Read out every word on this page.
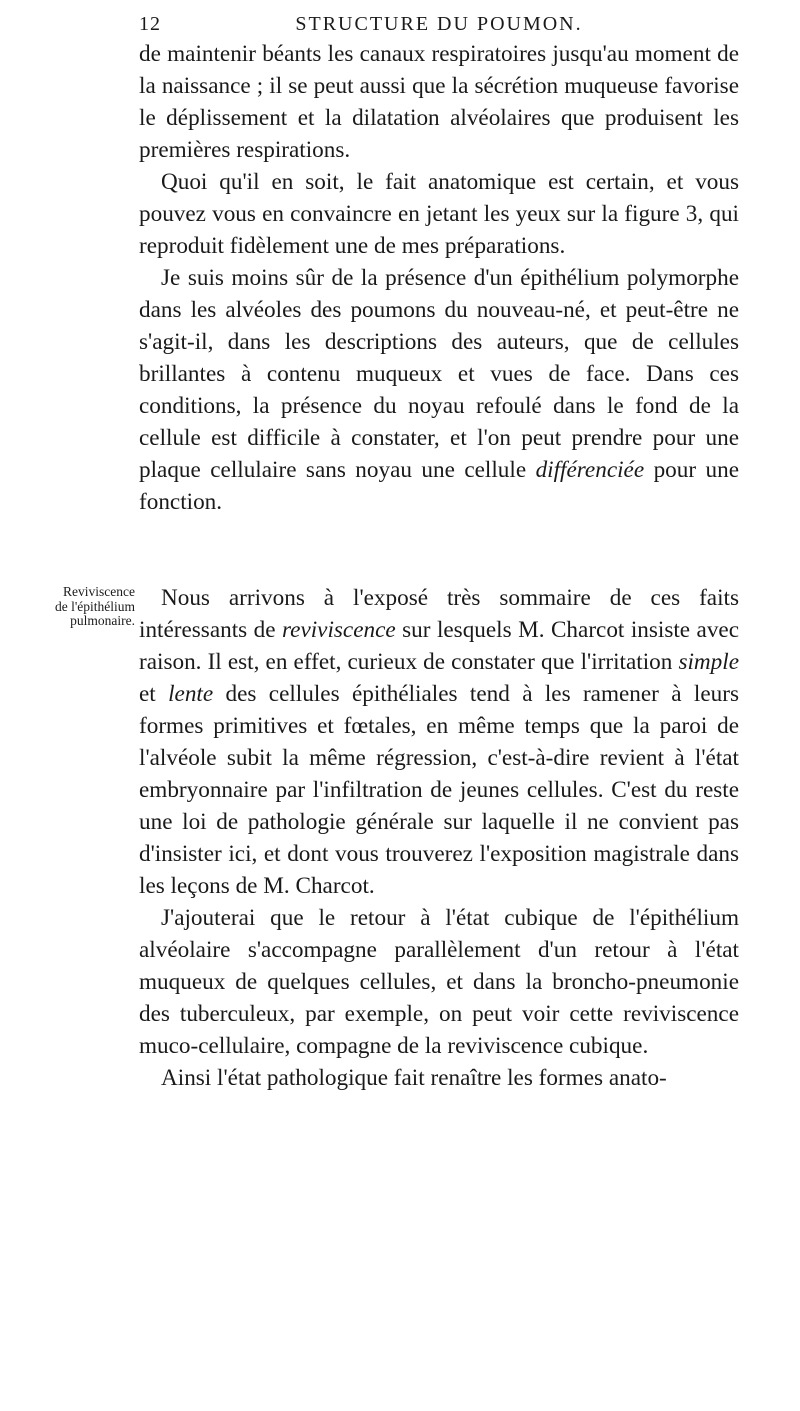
12	STRUCTURE DU POUMON.

de maintenir béants les canaux respiratoires jusqu'au moment de la naissance ; il se peut aussi que la sécrétion muqueuse favorise le déplissement et la dilatation alvéolaires que produisent les premières respirations.

Quoi qu'il en soit, le fait anatomique est certain, et vous pouvez vous en convaincre en jetant les yeux sur la figure 3, qui reproduit fidèlement une de mes préparations.

Je suis moins sûr de la présence d'un épithélium polymorphe dans les alvéoles des poumons du nouveau-né, et peut-être ne s'agit-il, dans les descriptions des auteurs, que de cellules brillantes à contenu muqueux et vues de face. Dans ces conditions, la présence du noyau refoulé dans le fond de la cellule est difficile à constater, et l'on peut prendre pour une plaque cellulaire sans noyau une cellule différenciée pour une fonction.

Reviviscence
de l'épithélium
pulmonaire.

Nous arrivons à l'exposé très sommaire de ces faits intéressants de reviviscence sur lesquels M. Charcot insiste avec raison. Il est, en effet, curieux de constater que l'irritation simple et lente des cellules épithéliales tend à les ramener à leurs formes primitives et fœtales, en même temps que la paroi de l'alvéole subit la même régression, c'est-à-dire revient à l'état embryonnaire par l'infiltration de jeunes cellules. C'est du reste une loi de pathologie générale sur laquelle il ne convient pas d'insister ici, et dont vous trouverez l'exposition magistrale dans les leçons de M. Charcot.

J'ajouterai que le retour à l'état cubique de l'épithélium alvéolaire s'accompagne parallèlement d'un retour à l'état muqueux de quelques cellules, et dans la broncho-pneumonie des tuberculeux, par exemple, on peut voir cette reviviscence muco-cellulaire, compagne de la reviviscence cubique.

Ainsi l'état pathologique fait renaître les formes anato-
